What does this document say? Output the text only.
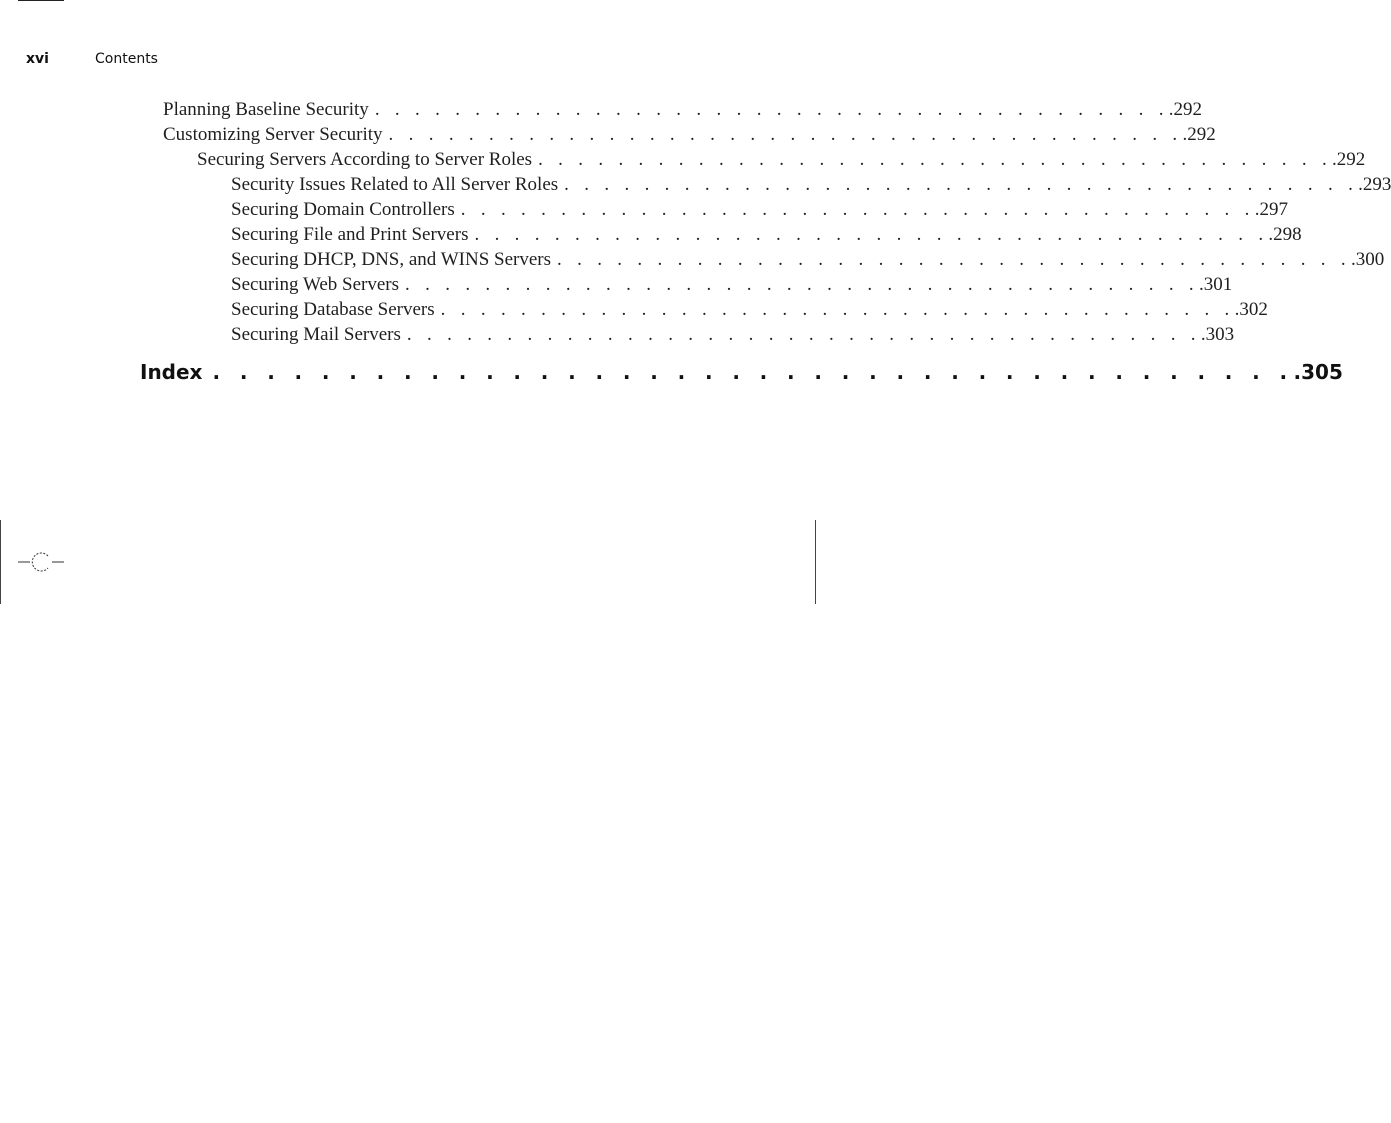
xvi	Contents
Planning Baseline Security . . . . . . . . . . . . . . . . . . . . . . . . . . . . . . . . . . . . . . . . .292
Customizing Server Security . . . . . . . . . . . . . . . . . . . . . . . . . . . . . . . . . . . . . . . . .292
Securing Servers According to Server Roles . . . . . . . . . . . . . . . . . . . . . . . . . . . . . . . . . . . . . . . . .292
Security Issues Related to All Server Roles . . . . . . . . . . . . . . . . . . . . . . . . . . . . . . . . . . . . . . . . .293
Securing Domain Controllers . . . . . . . . . . . . . . . . . . . . . . . . . . . . . . . . . . . . . . . . .297
Securing File and Print Servers . . . . . . . . . . . . . . . . . . . . . . . . . . . . . . . . . . . . . . . . .298
Securing DHCP, DNS, and WINS Servers . . . . . . . . . . . . . . . . . . . . . . . . . . . . . . . . . . . . . . . . .300
Securing Web Servers . . . . . . . . . . . . . . . . . . . . . . . . . . . . . . . . . . . . . . . . .301
Securing Database Servers . . . . . . . . . . . . . . . . . . . . . . . . . . . . . . . . . . . . . . . . .302
Securing Mail Servers . . . . . . . . . . . . . . . . . . . . . . . . . . . . . . . . . . . . . . . . .303
Index . . . . . . . . . . . . . . . . . . . . . . . . . . . . . . . . . . . . . . . . .305
